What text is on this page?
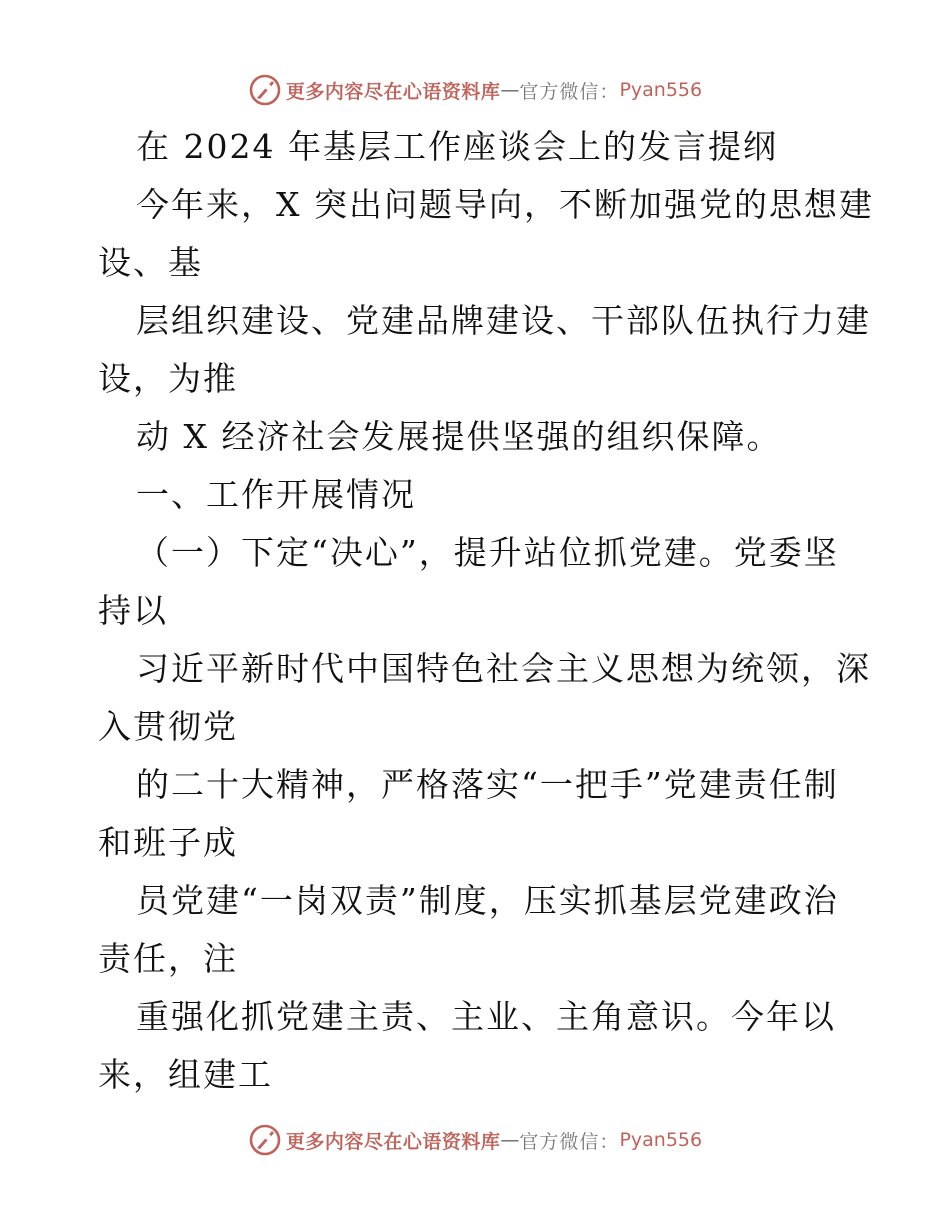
更多内容尽在心语资料库 — 官方微信： Pyan556
在 2024 年基层工作座谈会上的发言提纲
今年来，X 突出问题导向，不断加强党的思想建
设、基
层组织建设、党建品牌建设、干部队伍执行力建
设，为推
动 X 经济社会发展提供坚强的组织保障。
一、工作开展情况
（一）下定“决心”，提升站位抓党建。党委坚
持以
习近平新时代中国特色社会主义思想为统领，深
入贯彻党
的二十大精神，严格落实“一把手”党建责任制
和班子成
员党建“一岗双责”制度，压实抓基层党建政治
责任，注
重强化抓党建主责、主业、主角意识。今年以
来，组建工
更多内容尽在心语资料库 — 官方微信： Pyan556
